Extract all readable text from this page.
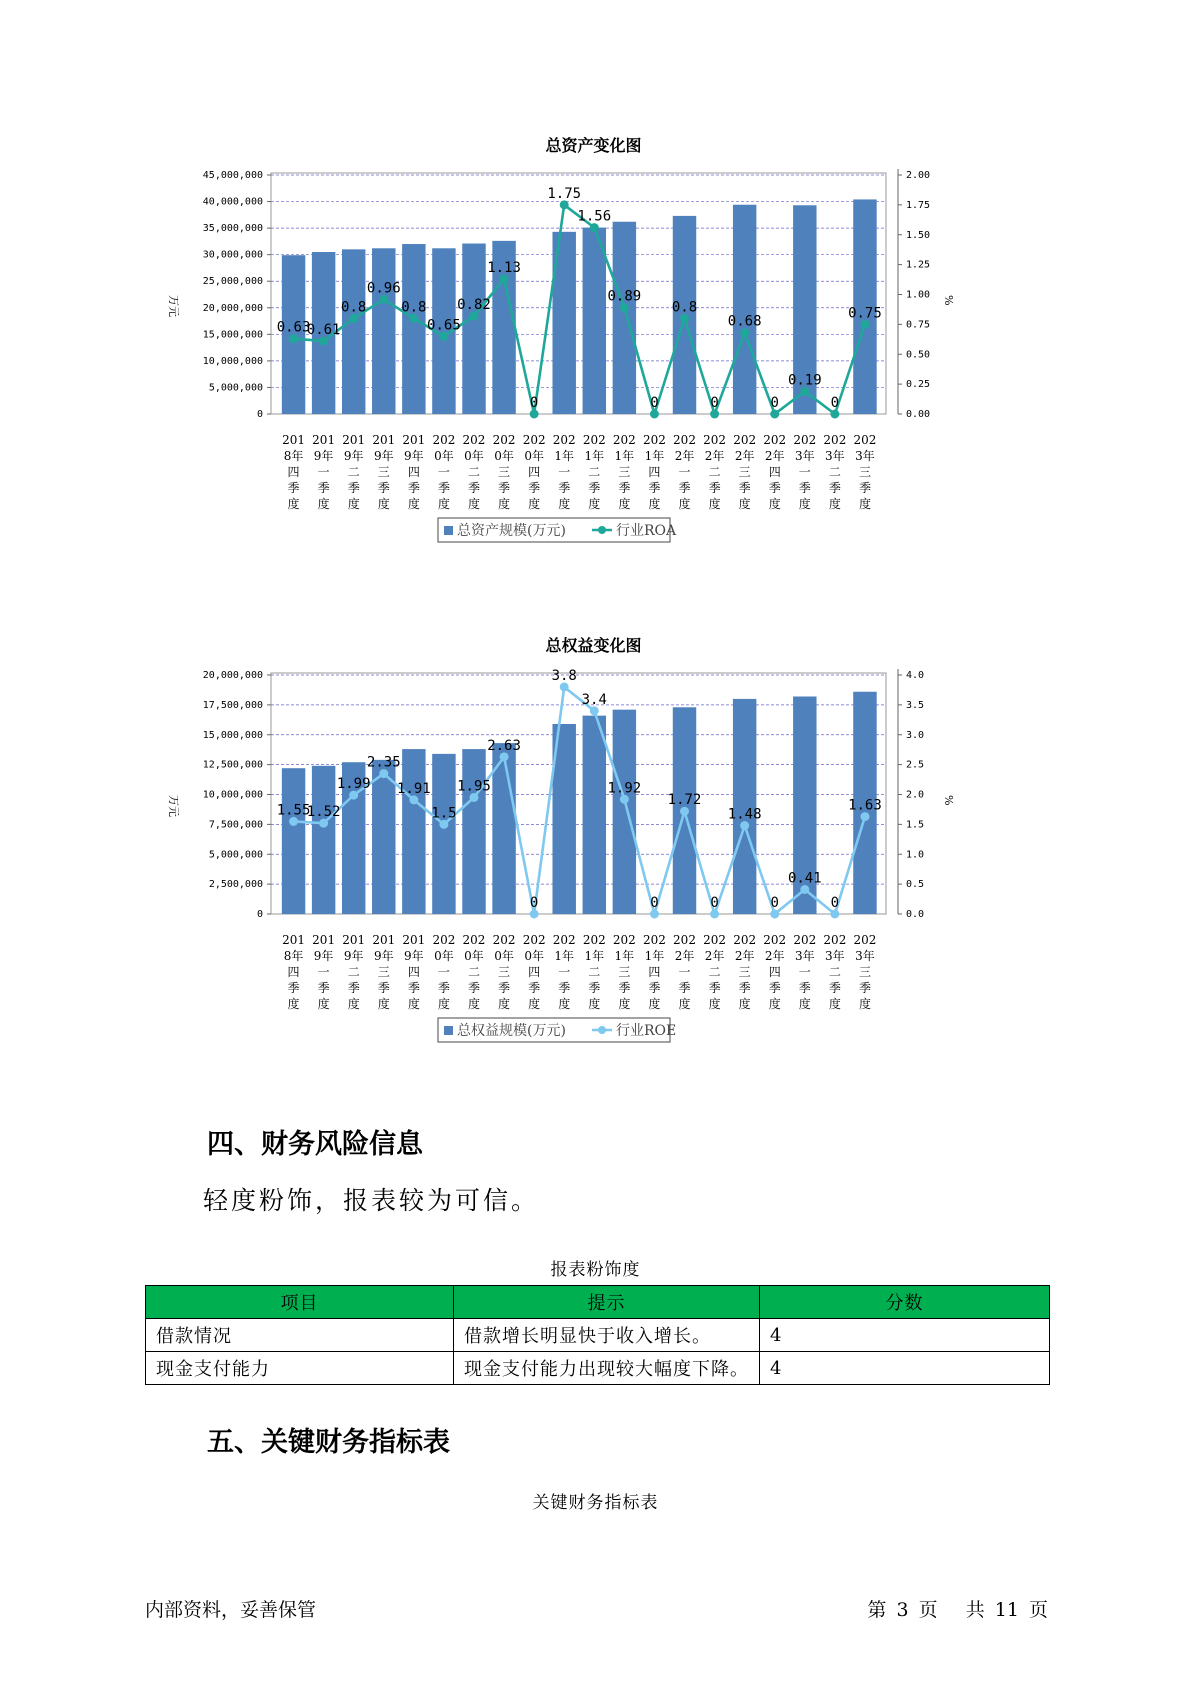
总资产变化图
0
5,000,000
10,000,000
15,000,000
20,000,000
25,000,000
30,000,000
35,000,000
40,000,000
45,000,000
0.00
0.25
0.50
0.75
1.00
1.25
1.50
1.75
2.00
万元	%
0.63
0.61
0.8
0.96
0.8
0.65
0.82
1.13
0
1.75
1.56
0.89
0
0.8
0
0.68
0
0.19
0
0.75
201 8年四季度
201 9年一季度
201 9年二季度
201 9年三季度
201 9年四季度
202 0年一季度
202 0年二季度
202 0年三季度
202 0年四季度
202 1年一季度
202 1年二季度
202 1年三季度
202 1年四季度
202 2年一季度
202 2年二季度
202 2年三季度
202 2年四季度
202 3年一季度
202 3年二季度
202 3年三季度
总资产规模(万元)	行业ROA
总权益变化图
0
2,500,000
5,000,000
7,500,000
10,000,000
12,500,000
15,000,000
17,500,000
20,000,000
0.0
0.5
1.0
1.5
2.0
2.5
3.0
3.5
4.0
万元	%
1.55
1.52
1.99
2.35
1.91
1.5
1.95
2.63
0
3.8
3.4
1.92
0
1.72
0
1.48
0
0.41
0
1.63
201 8年四季度
201 9年一季度
201 9年二季度
201 9年三季度
201 9年四季度
202 0年一季度
202 0年二季度
202 0年三季度
202 0年四季度
202 1年一季度
202 1年二季度
202 1年三季度
202 1年四季度
202 2年一季度
202 2年二季度
202 2年三季度
202 2年四季度
202 3年一季度
202 3年二季度
202 3年三季度
总权益规模(万元)	行业ROE
四、财务风险信息

轻度粉饰，报表较为可信。

报表粉饰度
项目	提示	分数
借款情况	借款增长明显快于收入增长。	4
现金支付能力	现金支付能力出现较大幅度下降。	4
五、关键财务指标表
关键财务指标表
内部资料，妥善保管	第 3 页 共 11 页
